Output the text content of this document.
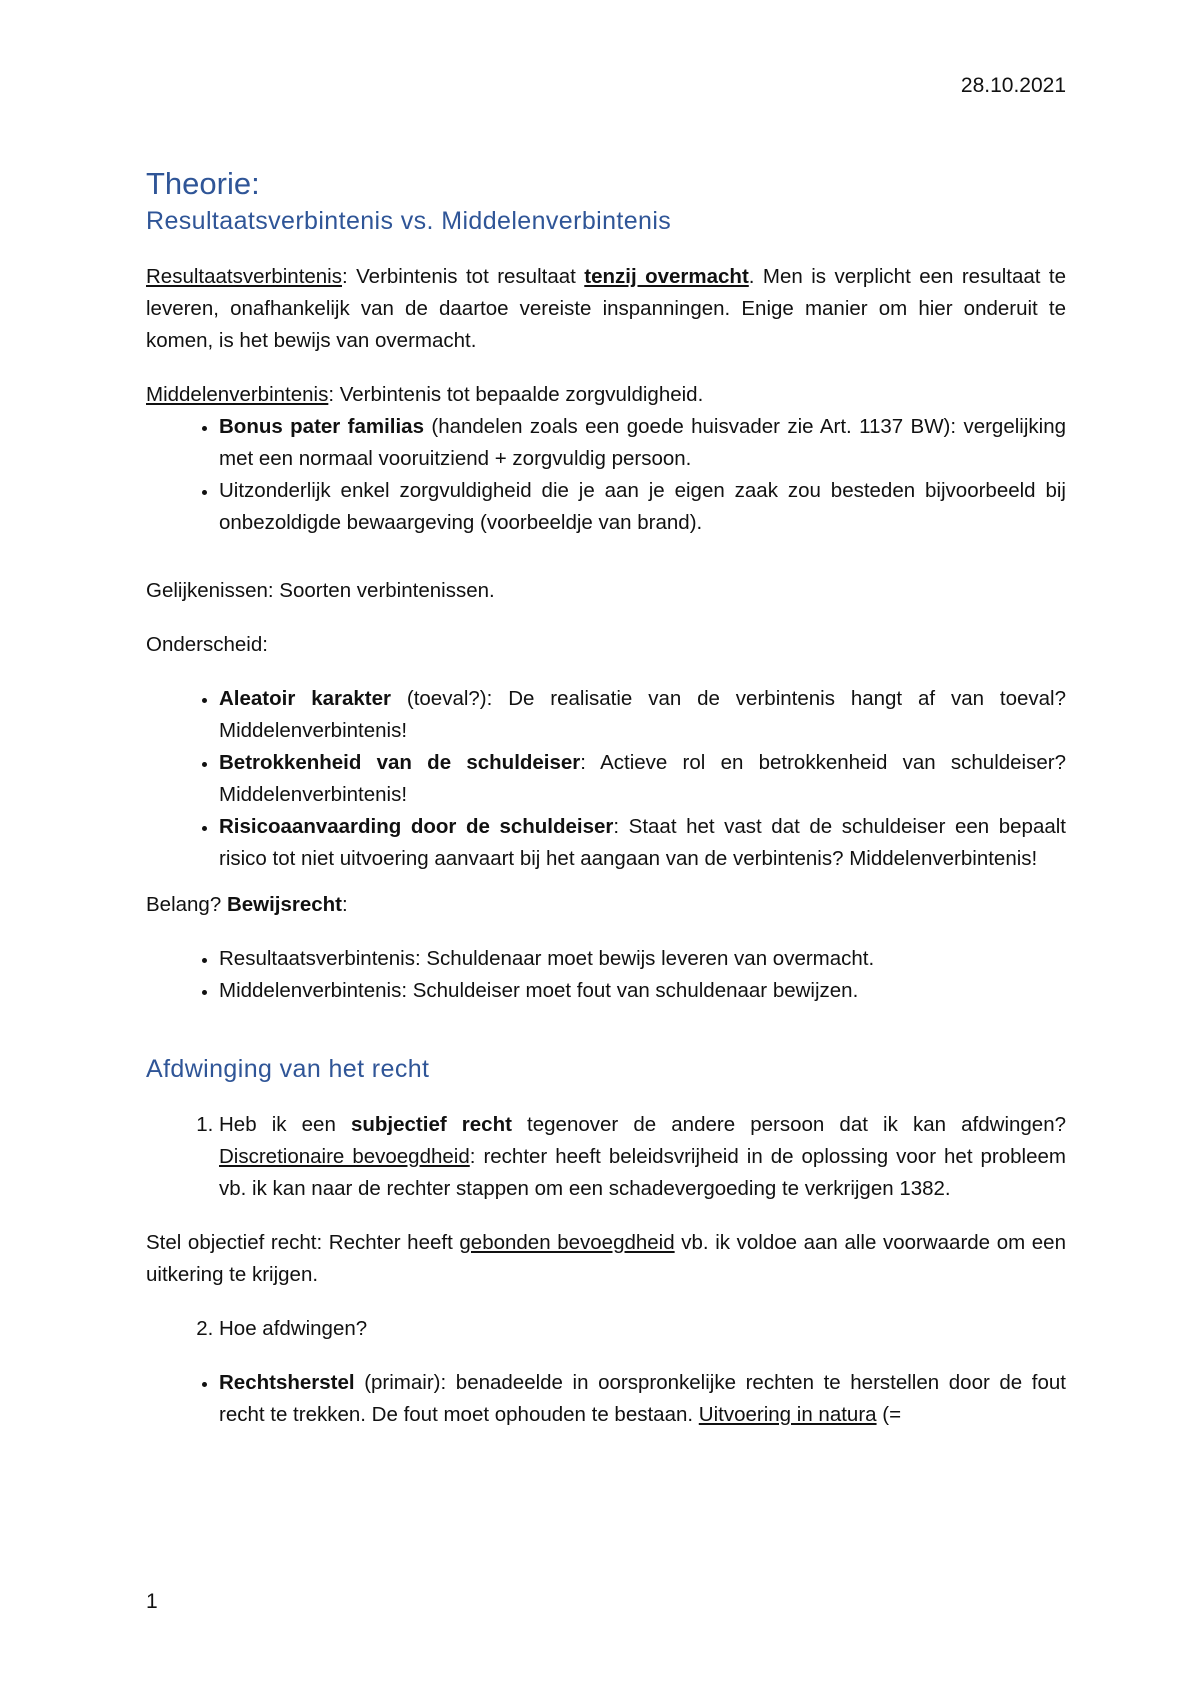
28.10.2021
Theorie:
Resultaatsverbintenis vs. Middelenverbintenis

Resultaatsverbintenis: Verbintenis tot resultaat tenzij overmacht. Men is verplicht een resultaat te leveren, onafhankelijk van de daartoe vereiste inspanningen. Enige manier om hier onderuit te komen, is het bewijs van overmacht.

Middelenverbintenis: Verbintenis tot bepaalde zorgvuldigheid.

• Bonus pater familias (handelen zoals een goede huisvader zie Art. 1137 BW): vergelijking met een normaal vooruitziend + zorgvuldig persoon.
• Uitzonderlijk enkel zorgvuldigheid die je aan je eigen zaak zou besteden bijvoorbeeld bij onbezoldigde bewaargeving (voorbeeldje van brand).

Gelijkenissen: Soorten verbintenissen.

Onderscheid:

• Aleatoir karakter (toeval?): De realisatie van de verbintenis hangt af van toeval? Middelenverbintenis!
• Betrokkenheid van de schuldeiser: Actieve rol en betrokkenheid van schuldeiser? Middelenverbintenis!
• Risicoaanvaarding door de schuldeiser: Staat het vast dat de schuldeiser een bepaalt risico tot niet uitvoering aanvaart bij het aangaan van de verbintenis? Middelenverbintenis!

Belang? Bewijsrecht:

• Resultaatsverbintenis: Schuldenaar moet bewijs leveren van overmacht.
• Middelenverbintenis: Schuldeiser moet fout van schuldenaar bewijzen.
Afdwinging van het recht
1. Heb ik een subjectief recht tegenover de andere persoon dat ik kan afdwingen? Discretionaire bevoegdheid: rechter heeft beleidsvrijheid in de oplossing voor het probleem vb. ik kan naar de rechter stappen om een schadevergoeding te verkrijgen 1382.

Stel objectief recht: Rechter heeft gebonden bevoegdheid vb. ik voldoe aan alle voorwaarde om een uitkering te krijgen.

2. Hoe afdwingen?
• Rechtsherstel (primair): benadeelde in oorspronkelijke rechten te herstellen door de fout recht te trekken. De fout moet ophouden te bestaan. Uitvoering in natura (=
1
